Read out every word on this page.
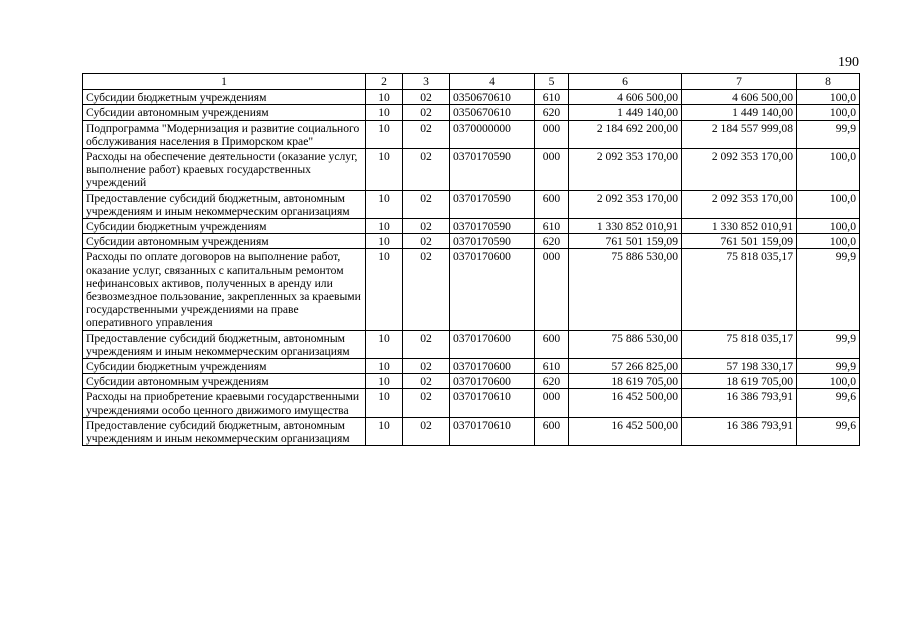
190
1	2	3	4	5	6	7	8
Субсидии бюджетным учреждениям	10	02	0350670610	610	4 606 500,00	4 606 500,00	100,0
Субсидии автономным учреждениям	10	02	0350670610	620	1 449 140,00	1 449 140,00	100,0
Подпрограмма "Модернизация и развитие социального обслуживания населения в Приморском крае"	10	02	0370000000	000	2 184 692 200,00	2 184 557 999,08	99,9
Расходы на обеспечение деятельности (оказание услуг, выполнение работ) краевых государственных учреждений	10	02	0370170590	000	2 092 353 170,00	2 092 353 170,00	100,0
Предоставление субсидий бюджетным, автономным учреждениям и иным некоммерческим организациям	10	02	0370170590	600	2 092 353 170,00	2 092 353 170,00	100,0
Субсидии бюджетным учреждениям	10	02	0370170590	610	1 330 852 010,91	1 330 852 010,91	100,0
Субсидии автономным учреждениям	10	02	0370170590	620	761 501 159,09	761 501 159,09	100,0
Расходы по оплате договоров на выполнение работ, оказание услуг, связанных с капитальным ремонтом нефинансовых активов, полученных в аренду или безвозмездное пользование, закрепленных за краевыми государственными учреждениями на праве оперативного управления	10	02	0370170600	000	75 886 530,00	75 818 035,17	99,9
Предоставление субсидий бюджетным, автономным учреждениям и иным некоммерческим организациям	10	02	0370170600	600	75 886 530,00	75 818 035,17	99,9
Субсидии бюджетным учреждениям	10	02	0370170600	610	57 266 825,00	57 198 330,17	99,9
Субсидии автономным учреждениям	10	02	0370170600	620	18 619 705,00	18 619 705,00	100,0
Расходы на приобретение краевыми государственными учреждениями особо ценного движимого имущества	10	02	0370170610	000	16 452 500,00	16 386 793,91	99,6
Предоставление субсидий бюджетным, автономным учреждениям и иным некоммерческим организациям	10	02	0370170610	600	16 452 500,00	16 386 793,91	99,6
